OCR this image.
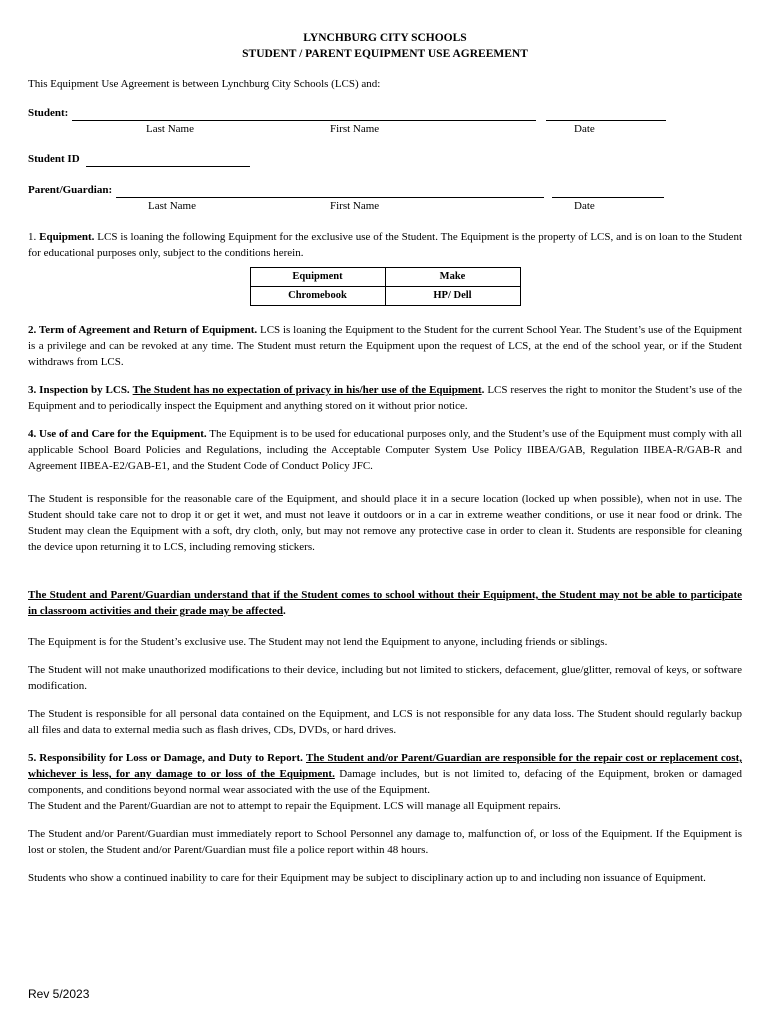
LYNCHBURG CITY SCHOOLS
STUDENT / PARENT EQUIPMENT USE AGREEMENT
This Equipment Use Agreement is between Lynchburg City Schools (LCS) and:
Student:
Last Name	First Name	Date
Student ID
Parent/Guardian:
Last Name	First Name	Date
1. Equipment. LCS is loaning the following Equipment for the exclusive use of the Student. The Equipment is the property of LCS, and is on loan to the Student for educational purposes only, subject to the conditions herein.
Equipment	Make
Chromebook	HP/ Dell
2. Term of Agreement and Return of Equipment. LCS is loaning the Equipment to the Student for the current School Year. The Student’s use of the Equipment is a privilege and can be revoked at any time. The Student must return the Equipment upon the request of LCS, at the end of the school year, or if the Student withdraws from LCS.
3. Inspection by LCS. The Student has no expectation of privacy in his/her use of the Equipment. LCS reserves the right to monitor the Student’s use of the Equipment and to periodically inspect the Equipment and anything stored on it without prior notice.
4. Use of and Care for the Equipment. The Equipment is to be used for educational purposes only, and the Student’s use of the Equipment must comply with all applicable School Board Policies and Regulations, including the Acceptable Computer System Use Policy IIBEA/GAB, Regulation IIBEA-R/GAB-R and Agreement IIBEA-E2/GAB-E1, and the Student Code of Conduct Policy JFC.
The Student is responsible for the reasonable care of the Equipment, and should place it in a secure location (locked up when possible), when not in use. The Student should take care not to drop it or get it wet, and must not leave it outdoors or in a car in extreme weather conditions, or use it near food or drink. The Student may clean the Equipment with a soft, dry cloth, only, but may not remove any protective case in order to clean it. Students are responsible for cleaning the device upon returning it to LCS, including removing stickers.
The Student and Parent/Guardian understand that if the Student comes to school without their Equipment, the Student may not be able to participate in classroom activities and their grade may be affected.
The Equipment is for the Student’s exclusive use. The Student may not lend the Equipment to anyone, including friends or siblings.
The Student will not make unauthorized modifications to their device, including but not limited to stickers, defacement, glue/glitter, removal of keys, or software modification.
The Student is responsible for all personal data contained on the Equipment, and LCS is not responsible for any data loss. The Student should regularly backup all files and data to external media such as flash drives, CDs, DVDs, or hard drives.
5. Responsibility for Loss or Damage, and Duty to Report. The Student and/or Parent/Guardian are responsible for the repair cost or replacement cost, whichever is less, for any damage to or loss of the Equipment. Damage includes, but is not limited to, defacing of the Equipment, broken or damaged components, and conditions beyond normal wear associated with the use of the Equipment.
The Student and the Parent/Guardian are not to attempt to repair the Equipment. LCS will manage all Equipment repairs.
The Student and/or Parent/Guardian must immediately report to School Personnel any damage to, malfunction of, or loss of the Equipment. If the Equipment is lost or stolen, the Student and/or Parent/Guardian must file a police report within 48 hours.
Students who show a continued inability to care for their Equipment may be subject to disciplinary action up to and including non issuance of Equipment.
Rev 5/2023
